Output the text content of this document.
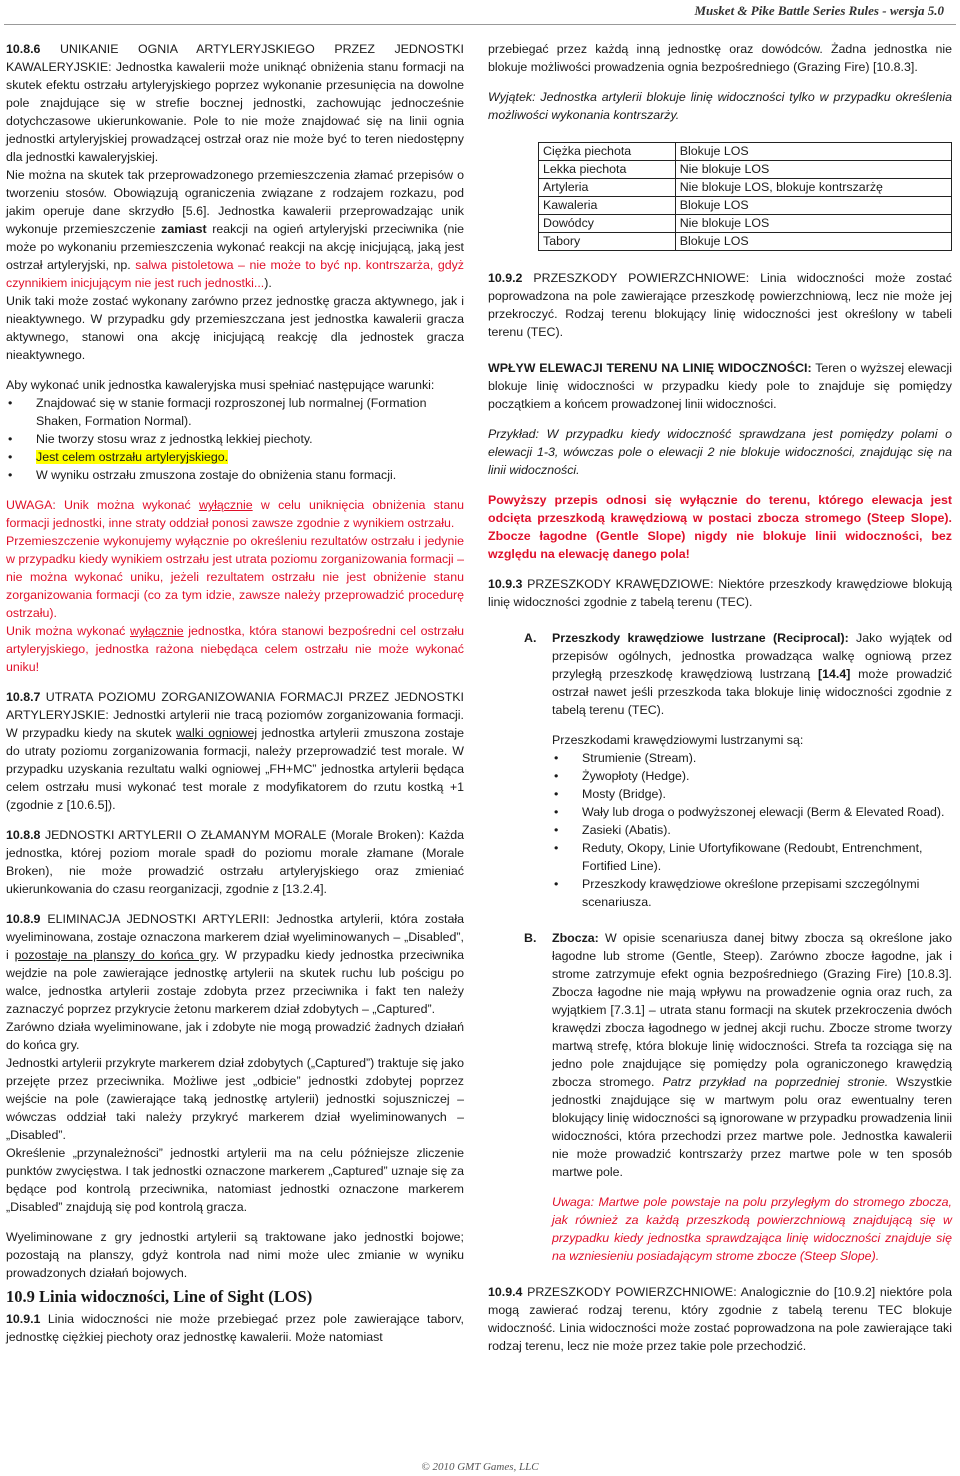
Musket & Pike Battle Series Rules - wersja 5.0

10.8.6 UNIKANIE OGNIA ARTYLERYJSKIEGO PRZEZ JEDNOSTKI KAWALERYJSKIE: Jednostka kawalerii może uniknąć obniżenia stanu formacji na skutek efektu ostrzału artyleryjskiego poprzez wykonanie przesunięcia na dowolne pole znajdujące się w strefie bocznej jednostki, zachowując jednocześnie dotychczasowe ukierunkowanie. Pole to nie może znajdować się na linii ognia jednostki artyleryjskiej prowadzącej ostrzał oraz nie może być to teren niedostępny dla jednostki kawaleryjskiej.

Nie można na skutek tak przeprowadzonego przemieszczenia złamać przepisów o tworzeniu stosów. Obowiązują ograniczenia związane z rodzajem rozkazu, pod jakim operuje dane skrzydło [5.6]. Jednostka kawalerii przeprowadzając unik wykonuje przemieszczenie zamiast reakcji na ogień artyleryjski przeciwnika (nie może po wykonaniu przemieszczenia wykonać reakcji na akcję inicjującą, jaką jest ostrzał artyleryjski, np. salwa pistoletowa – nie może to być np. kontrszarża, gdyż czynnikiem inicjującym nie jest ruch jednostki...).

Unik taki może zostać wykonany zarówno przez jednostkę gracza aktywnego, jak i nieaktywnego. W przypadku gdy przemieszczana jest jednostka kawalerii gracza aktywnego, stanowi ona akcję inicjującą reakcję dla jednostek gracza nieaktywnego.

Aby wykonać unik jednostka kawaleryjska musi spełniać następujące warunki:

• Znajdować się w stanie formacji rozproszonej lub normalnej (Formation Shaken, Formation Normal).
• Nie tworzy stosu wraz z jednostką lekkiej piechoty.
• Jest celem ostrzału artyleryjskiego.
• W wyniku ostrzału zmuszona zostaje do obniżenia stanu formacji.

UWAGA: Unik można wykonać wyłącznie w celu uniknięcia obniżenia stanu formacji jednostki, inne straty oddział ponosi zawsze zgodnie z wynikiem ostrzału.

Przemieszczenie wykonujemy wyłącznie po określeniu rezultatów ostrzału i jedynie w przypadku kiedy wynikiem ostrzału jest utrata poziomu zorganizowania formacji – nie można wykonać uniku, jeżeli rezultatem ostrzału nie jest obniżenie stanu zorganizowania formacji (co za tym idzie, zawsze należy przeprowadzić procedurę ostrzału).

Unik można wykonać wyłącznie jednostka, która stanowi bezpośredni cel ostrzału artyleryjskiego, jednostka rażona niebędąca celem ostrzału nie może wykonać uniku!

10.8.7 UTRATA POZIOMU ZORGANIZOWANIA FORMACJI PRZEZ JEDNOSTKI ARTYLERYJSKIE: Jednostki artylerii nie tracą poziomów zorganizowania formacji. W przypadku kiedy na skutek walki ogniowej jednostka artylerii zmuszona zostaje do utraty poziomu zorganizowania formacji, należy przeprowadzić test morale. W przypadku uzyskania rezultatu walki ogniowej „FH+MC” jednostka artylerii będąca celem ostrzału musi wykonać test morale z modyfikatorem do rzutu kostką +1 (zgodnie z [10.6.5]).

10.8.8 JEDNOSTKI ARTYLERII O ZŁAMANYM MORALE (Morale Broken): Każda jednostka, której poziom morale spadł do poziomu morale złamane (Morale Broken), nie może prowadzić ostrzału artyleryjskiego oraz zmieniać ukierunkowania do czasu reorganizacji, zgodnie z [13.2.4].

10.8.9 ELIMINACJA JEDNOSTKI ARTYLERII: Jednostka artylerii, która została wyeliminowana, zostaje oznaczona markerem dział wyeliminowanych – „Disabled”, i pozostaje na planszy do końca gry. W przypadku kiedy jednostka przeciwnika wejdzie na pole zawierające jednostkę artylerii na skutek ruchu lub pościgu po walce, jednostka artylerii zostaje zdobyta przez przeciwnika i fakt ten należy zaznaczyć poprzez przykrycie żetonu markerem dział zdobytych – „Captured”.

Zarówno działa wyeliminowane, jak i zdobyte nie mogą prowadzić żadnych działań do końca gry.

Jednostki artylerii przykryte markerem dział zdobytych („Captured”) traktuje się jako przejęte przez przeciwnika. Możliwe jest „odbicie” jednostki zdobytej poprzez wejście na pole (zawierające taką jednostkę artylerii) jednostki sojuszniczej – wówczas oddział taki należy przykryć markerem dział wyeliminowanych – „Disabled”.

Określenie „przynależności” jednostki artylerii ma na celu późniejsze zliczenie punktów zwycięstwa. I tak jednostki oznaczone markerem „Captured” uznaje się za będące pod kontrolą przeciwnika, natomiast jednostki oznaczone markerem „Disabled” znajdują się pod kontrolą gracza.

Wyeliminowane z gry jednostki artylerii są traktowane jako jednostki bojowe; pozostają na planszy, gdyż kontrola nad nimi może ulec zmianie w wyniku prowadzonych działań bojowych.

10.9 Linia widoczności, Line of Sight (LOS)

10.9.1 Linia widoczności nie może przebiegać przez pole zawierające taborv, jednostkę ciężkiej piechoty oraz jednostkę kawalerii. Może natomiast

przebiegać przez każdą inną jednostkę oraz dowódców. Żadna jednostka nie blokuje możliwości prowadzenia ognia bezpośredniego (Grazing Fire) [10.8.3].

Wyjątek: Jednostka artylerii blokuje linię widoczności tylko w przypadku określenia możliwości wykonania kontrszarży.

Ciężka piechota	Blokuje LOS
Lekka piechota	Nie blokuje LOS
Artyleria	Nie blokuje LOS, blokuje kontrszarżę
Kawaleria	Blokuje LOS
Dowódcy	Nie blokuje LOS
Tabory	Blokuje LOS

10.9.2 PRZESZKODY POWIERZCHNIOWE: Linia widoczności może zostać poprowadzona na pole zawierające przeszkodę powierzchniową, lecz nie może jej przekroczyć. Rodzaj terenu blokujący linię widoczności jest określony w tabeli terenu (TEC).

WPŁYW ELEWACJI TERENU NA LINIĘ WIDOCZNOŚCI: Teren o wyższej elewacji blokuje linię widoczności w przypadku kiedy pole to znajduje się pomiędzy początkiem a końcem prowadzonej linii widoczności.

Przykład: W przypadku kiedy widoczność sprawdzana jest pomiędzy polami o elewacji 1-3, wówczas pole o elewacji 2 nie blokuje widoczności, znajdując się na linii widoczności.

Powyższy przepis odnosi się wyłącznie do terenu, którego elewacja jest odcięta przeszkodą krawędziową w postaci zbocza stromego (Steep Slope). Zbocze łagodne (Gentle Slope) nigdy nie blokuje linii widoczności, bez względu na elewację danego pola!

10.9.3 PRZESZKODY KRAWĘDZIOWE: Niektóre przeszkody krawędziowe blokują linię widoczności zgodnie z tabelą terenu (TEC).

A. Przeszkody krawędziowe lustrzane (Reciprocal): Jako wyjątek od przepisów ogólnych, jednostka prowadząca walkę ogniową przez przyległą przeszkodę krawędziową lustrzaną [14.4] może prowadzić ostrzał nawet jeśli przeszkoda taka blokuje linię widoczności zgodnie z tabelą terenu (TEC).

Przeszkodami krawędziowymi lustrzanymi są:

• Strumienie (Stream).
• Żywopłoty (Hedge).
• Mosty (Bridge).
• Wały lub droga o podwyższonej elewacji (Berm & Elevated Road).
• Zasieki (Abatis).
• Reduty, Okopy, Linie Ufortyfikowane (Redoubt, Entrenchment, Fortified Line).
• Przeszkody krawędziowe określone przepisami szczególnymi scenariusza.
B. Zbocza: W opisie scenariusza danej bitwy zbocza są określone jako łagodne lub strome (Gentle, Steep). Zarówno zbocze łagodne, jak i strome zatrzymuje efekt ognia bezpośredniego (Grazing Fire) [10.8.3]. Zbocza łagodne nie mają wpływu na prowadzenie ognia oraz ruch, za wyjątkiem [7.3.1] – utrata stanu formacji na skutek przekroczenia dwóch krawędzi zbocza łagodnego w jednej akcji ruchu. Zbocze strome tworzy martwą strefę, która blokuje linię widoczności. Strefa ta rozciąga się na jedno pole znajdujące się pomiędzy pola ograniczonego krawędzią zbocza stromego. Patrz przykład na poprzedniej stronie. Wszystkie jednostki znajdujące się w martwym polu oraz ewentualny teren blokujący linię widoczności są ignorowane w przypadku prowadzenia linii widoczności, która przechodzi przez martwe pole. Jednostka kawalerii nie może prowadzić kontrszarży przez martwe pole w ten sposób martwe pole.

Uwaga: Martwe pole powstaje na polu przyległym do stromego zbocza, jak również za każdą przeszkodą powierzchniową znajdującą się w przypadku kiedy jednostka sprawdzająca linię widoczności znajduje się na wzniesieniu posiadającym strome zbocze (Steep Slope).

10.9.4 PRZESZKODY POWIERZCHNIOWE: Analogicznie do [10.9.2] niektóre pola mogą zawierać rodzaj terenu, który zgodnie z tabelą terenu TEC blokuje widoczność. Linia widoczności może zostać poprowadzona na pole zawierające taki rodzaj terenu, lecz nie może przez takie pole przechodzić.

© 2010 GMT Games, LLC
